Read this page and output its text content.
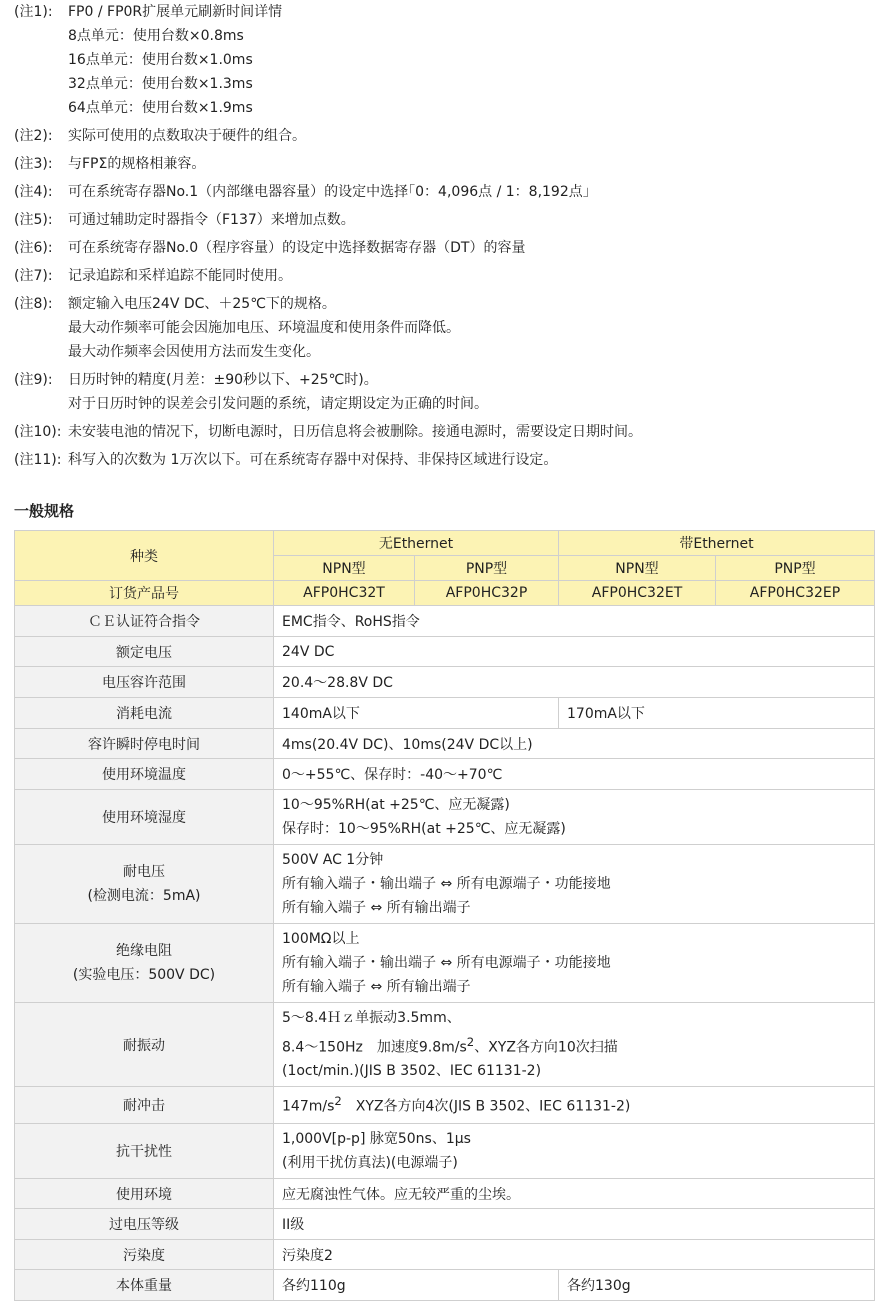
(注1):	FP0 / FP0R扩展单元刷新时间详情
8点单元：使用台数×0.8ms
16点单元：使用台数×1.0ms
32点单元：使用台数×1.3ms
64点单元：使用台数×1.9ms
(注2):	实际可使用的点数取决于硬件的组合。
(注3):	与FPΣ的规格相兼容。
(注4):	可在系统寄存器No.1（内部继电器容量）的设定中选择｢0：4,096点 / 1：8,192点｣
(注5):	可通过辅助定时器指令（F137）来增加点数。
(注6):	可在系统寄存器No.0（程序容量）的设定中选择数据寄存器（DT）的容量
(注7):	记录追踪和采样追踪不能同时使用。
(注8):	额定输入电压24V DC、＋25℃下的规格。
最大动作频率可能会因施加电压、环境温度和使用条件而降低。
最大动作频率会因使用方法而发生变化。
(注9):	日历时钟的精度(月差：±90秒以下、+25℃时)。
对于日历时钟的误差会引发问题的系统，请定期设定为正确的时间。
(注10): 未安装电池的情况下，切断电源时，日历信息将会被删除。接通电源时，需要设定日期时间。
(注11): 科写入的次数为 1万次以下。可在系统寄存器中对保持、非保持区域进行设定。
一般规格
种类	无Ethernet		带Ethernet	
	NPN型	PNP型	NPN型	PNP型
订货产品号	AFP0HC32T	AFP0HC32P	AFP0HC32ET	AFP0HC32EP
ＣＥ认证符合指令	EMC指令、RoHS指令			
额定电压	24V DC			
电压容许范围	20.4～28.8V DC			
消耗电流	140mA以下		170mA以下	
容许瞬时停电时间	4ms(20.4V DC)、10ms(24V DC以上)			
使用环境温度	0～+55℃、保存时：-40～+70℃			
使用环境湿度	10～95%RH(at +25℃、应无凝露)
保存时：10～95%RH(at +25℃、应无凝露)			

耐电压
(检测电流：5mA)	500V AC 1分钟
所有输入端子・输出端子 ⇔ 所有电源端子・功能接地
所有输入端子 ⇔ 所有输出端子			

绝缘电阻
(实验电压：500V DC)	100MΩ以上
所有输入端子・输出端子 ⇔ 所有电源端子・功能接地
所有输入端子 ⇔ 所有输出端子			

耐振动	5～8.4Ｈｚ单振动3.5mm、
8.4～150Hz　加速度$9.8m/s^2$、XYZ各方向10次扫描
(1oct/min.)(JIS B 3502、IEC 61131-2)			

耐冲击	$147m/s^2$　XYZ各方向4次(JIS B 3502、IEC 61131-2)			
抗干扰性	1,000V[p-p] 脉宽50ns、1μs
(利用干扰仿真法)(电源端子)			

使用环境	应无腐浊性气体。应无较严重的尘埃。			
过电压等级	II级			
污染度	污染度2			
本体重量	各约110g		各约130g	
